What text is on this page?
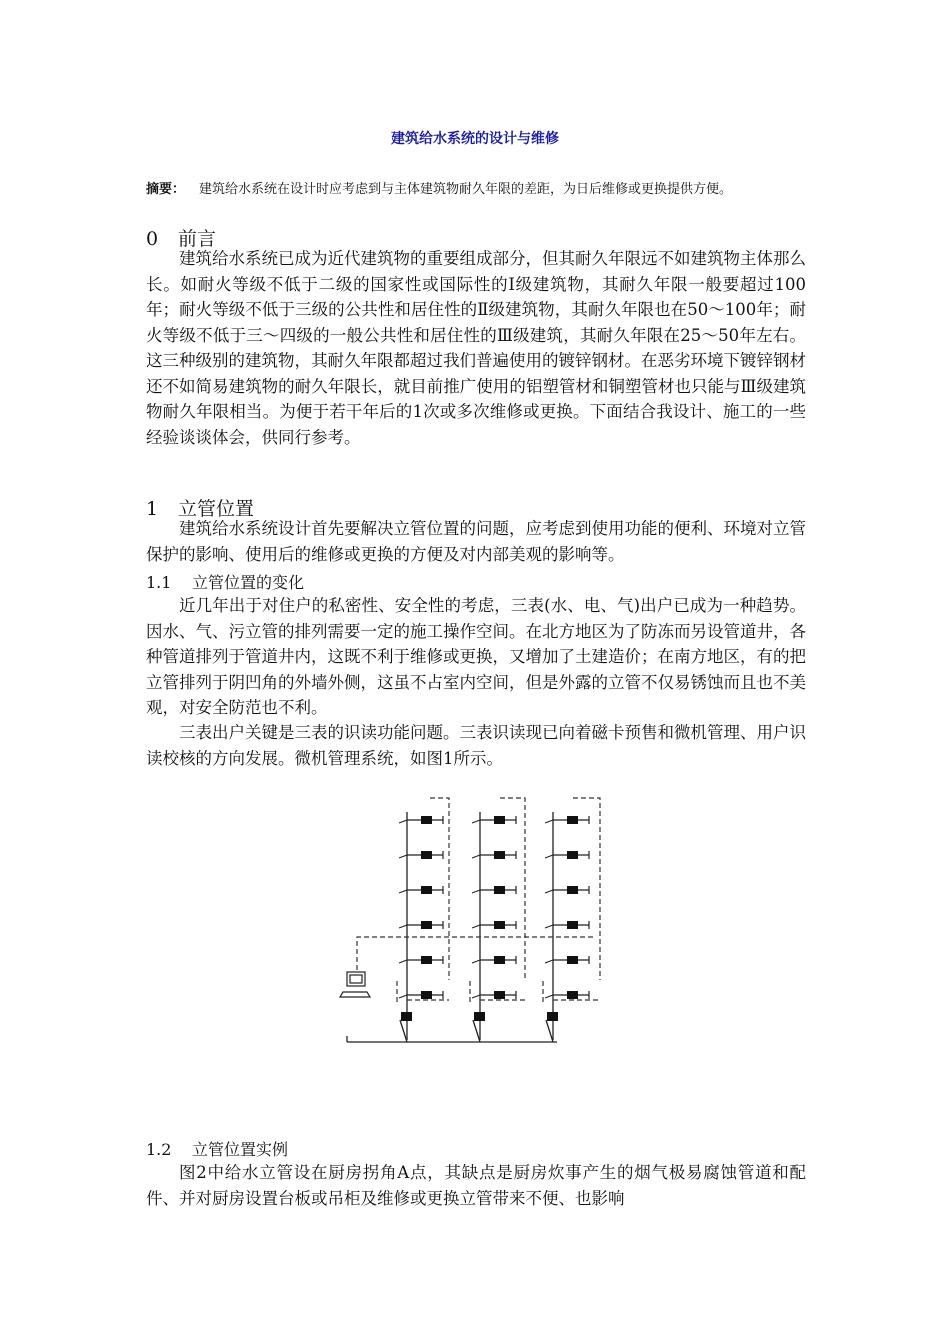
建筑给水系统的设计与维修
摘要： 建筑给水系统在设计时应考虑到与主体建筑物耐久年限的差距，为日后维修或更换提供方便。
0 前言

建筑给水系统已成为近代建筑物的重要组成部分，但其耐久年限远不如建筑物主体那么长。如耐火等级不低于二级的国家性或国际性的Ⅰ级建筑物，其耐久年限一般要超过100年；耐火等级不低于三级的公共性和居住性的Ⅱ级建筑物，其耐久年限也在50～100年；耐火等级不低于三～四级的一般公共性和居住性的Ⅲ级建筑，其耐久年限在25～50年左右。这三种级别的建筑物，其耐久年限都超过我们普遍使用的镀锌钢材。在恶劣环境下镀锌钢材还不如简易建筑物的耐久年限长，就目前推广使用的铝塑管材和铜塑管材也只能与Ⅲ级建筑物耐久年限相当。为便于若干年后的1次或多次维修或更换。下面结合我设计、施工的一些经验谈谈体会，供同行参考。

1 立管位置

建筑给水系统设计首先要解决立管位置的问题，应考虑到使用功能的便利、环境对立管保护的影响、使用后的维修或更换的方便及对内部美观的影响等。

1.1 立管位置的变化

近几年出于对住户的私密性、安全性的考虑，三表(水、电、气)出户已成为一种趋势。因水、气、污立管的排列需要一定的施工操作空间。在北方地区为了防冻而另设管道井，各种管道排列于管道井内，这既不利于维修或更换，又增加了土建造价；在南方地区，有的把立管排列于阴凹角的外墙外侧，这虽不占室内空间，但是外露的立管不仅易锈蚀而且也不美观，对安全防范也不利。

三表出户关键是三表的识读功能问题。三表识读现已向着磁卡预售和微机管理、用户识读校核的方向发展。微机管理系统，如图1所示。

1.2 立管位置实例

图2中给水立管设在厨房拐角A点，其缺点是厨房炊事产生的烟气极易腐蚀管道和配件、并对厨房设置台板或吊柜及维修或更换立管带来不便、也影响
